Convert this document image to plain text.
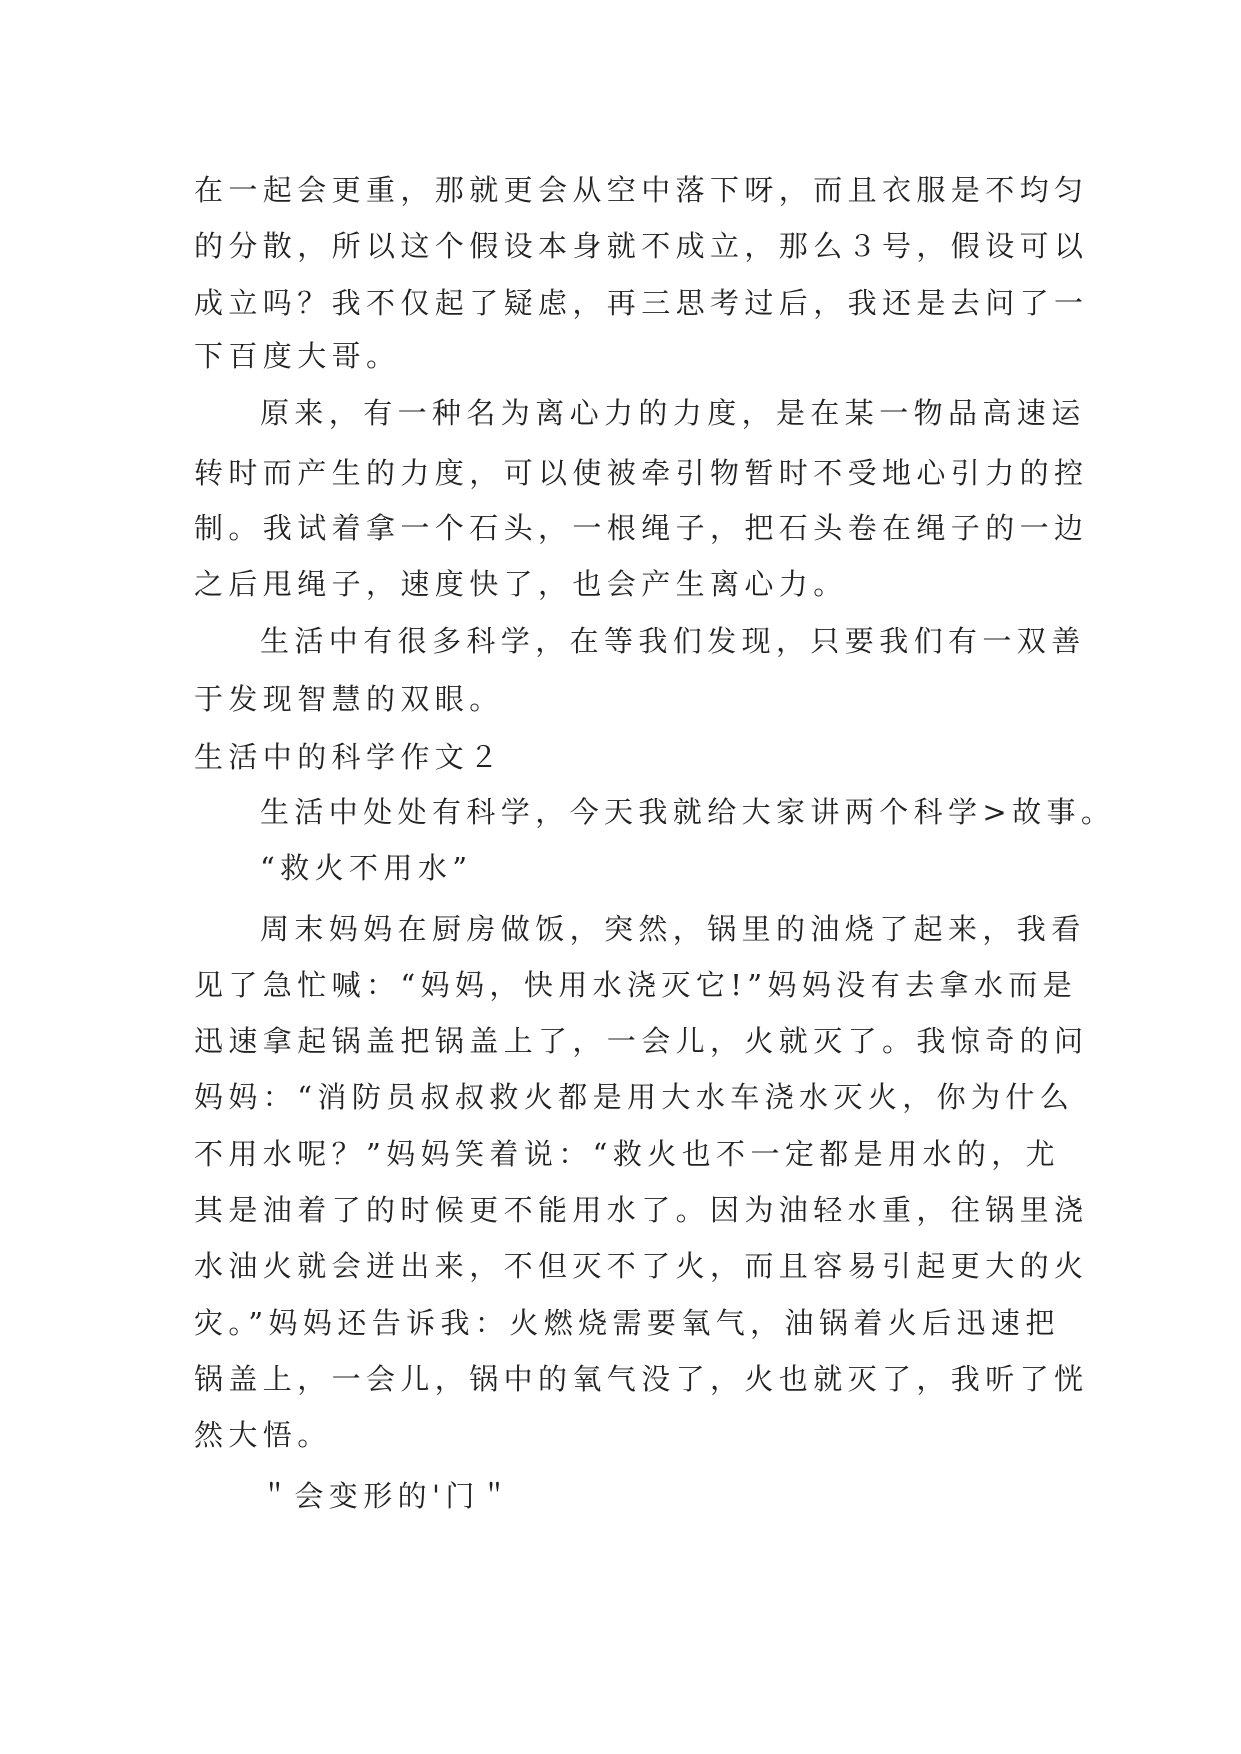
在一起会更重，那就更会从空中落下呀，而且衣服是不均匀
的分散，所以这个假设本身就不成立，那么３号，假设可以
成立吗？我不仅起了疑虑，再三思考过后，我还是去问了一
下百度大哥。
原来，有一种名为离心力的力度，是在某一物品高速运
转时而产生的力度，可以使被牵引物暂时不受地心引力的控
制。我试着拿一个石头，一根绳子，把石头卷在绳子的一边
之后甩绳子，速度快了，也会产生离心力。
生活中有很多科学，在等我们发现，只要我们有一双善
于发现智慧的双眼。
生活中的科学作文２
生活中处处有科学，今天我就给大家讲两个科学>故事。
“救火不用水”
周末妈妈在厨房做饭，突然，锅里的油烧了起来，我看
见了急忙喊：“妈妈，快用水浇灭它!”妈妈没有去拿水而是
迅速拿起锅盖把锅盖上了，一会儿，火就灭了。我惊奇的问
妈妈：“消防员叔叔救火都是用大水车浇水灭火，你为什么
不用水呢？”妈妈笑着说：“救火也不一定都是用水的，尤
其是油着了的时候更不能用水了。因为油轻水重，往锅里浇
水油火就会迸出来，不但灭不了火，而且容易引起更大的火
灾。”妈妈还告诉我：火燃烧需要氧气，油锅着火后迅速把
锅盖上，一会儿，锅中的氧气没了，火也就灭了，我听了恍
然大悟。
＂会变形的'门＂
